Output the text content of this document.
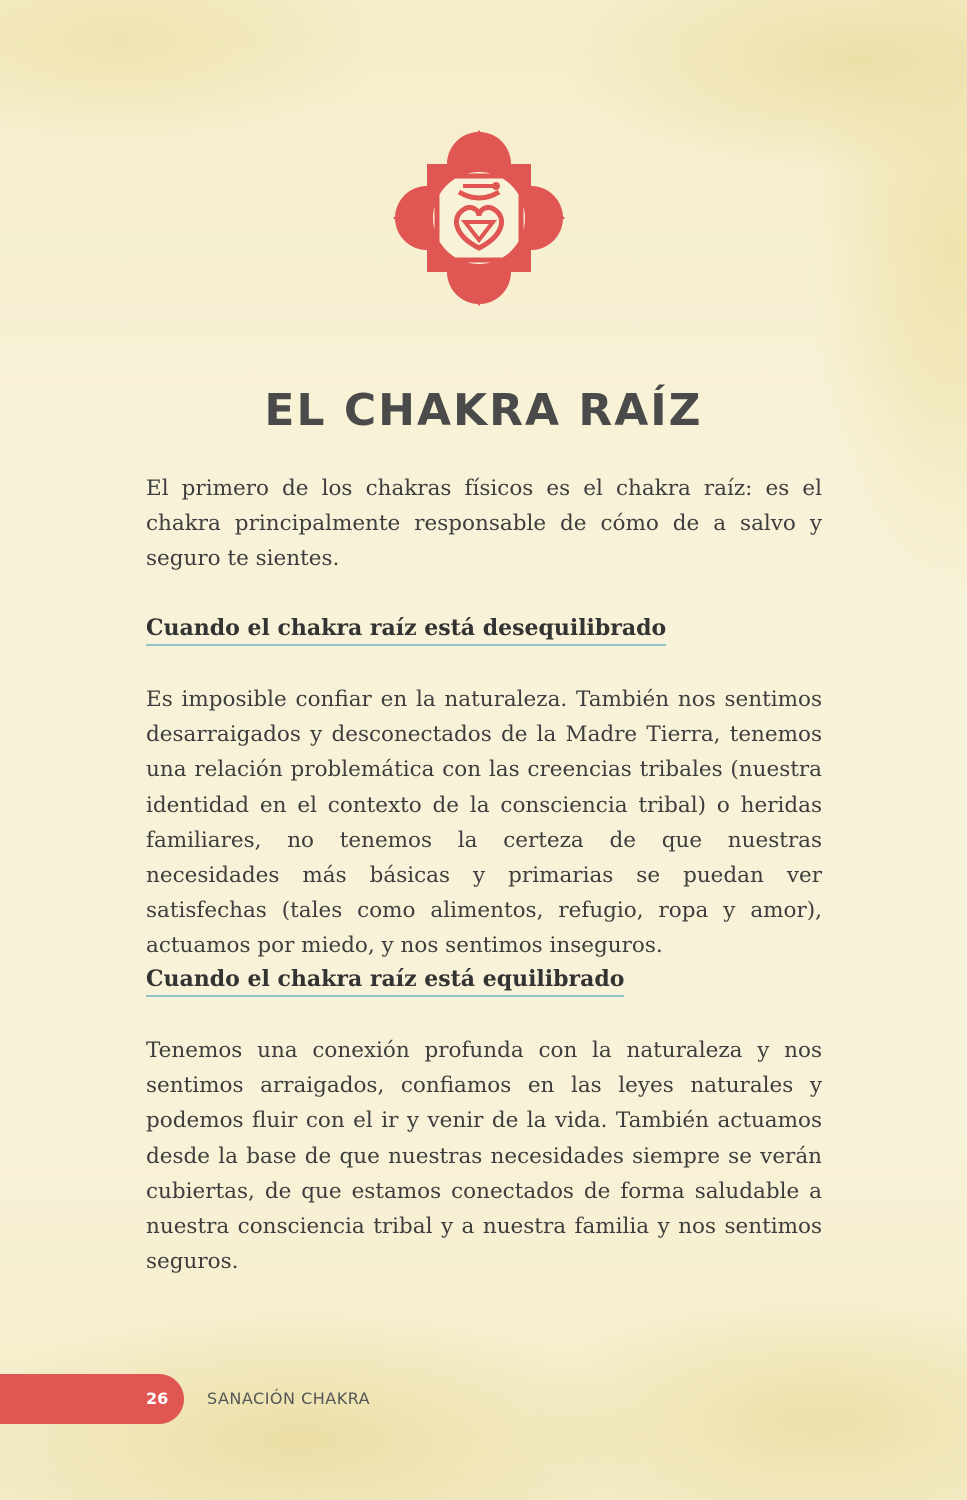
EL CHAKRA RAÍZ

El primero de los chakras físicos es el chakra raíz: es el chakra principalmente responsable de cómo de a salvo y seguro te sientes.

Cuando el chakra raíz está desequilibrado

Es imposible confiar en la naturaleza. También nos sentimos desarraigados y desconectados de la Madre Tierra, tenemos una relación problemática con las creencias tribales (nuestra identidad en el contexto de la consciencia tribal) o heridas familiares, no tenemos la certeza de que nuestras necesidades más básicas y primarias se puedan ver satisfechas (tales como alimentos, refugio, ropa y amor), actuamos por miedo, y nos sentimos inseguros.

Cuando el chakra raíz está equilibrado

Tenemos una conexión profunda con la naturaleza y nos sentimos arraigados, confiamos en las leyes naturales y podemos fluir con el ir y venir de la vida. También actuamos desde la base de que nuestras necesidades siempre se verán cubiertas, de que estamos conectados de forma saludable a nuestra consciencia tribal y a nuestra familia y nos sentimos seguros.

26 SANACIÓN CHAKRA
